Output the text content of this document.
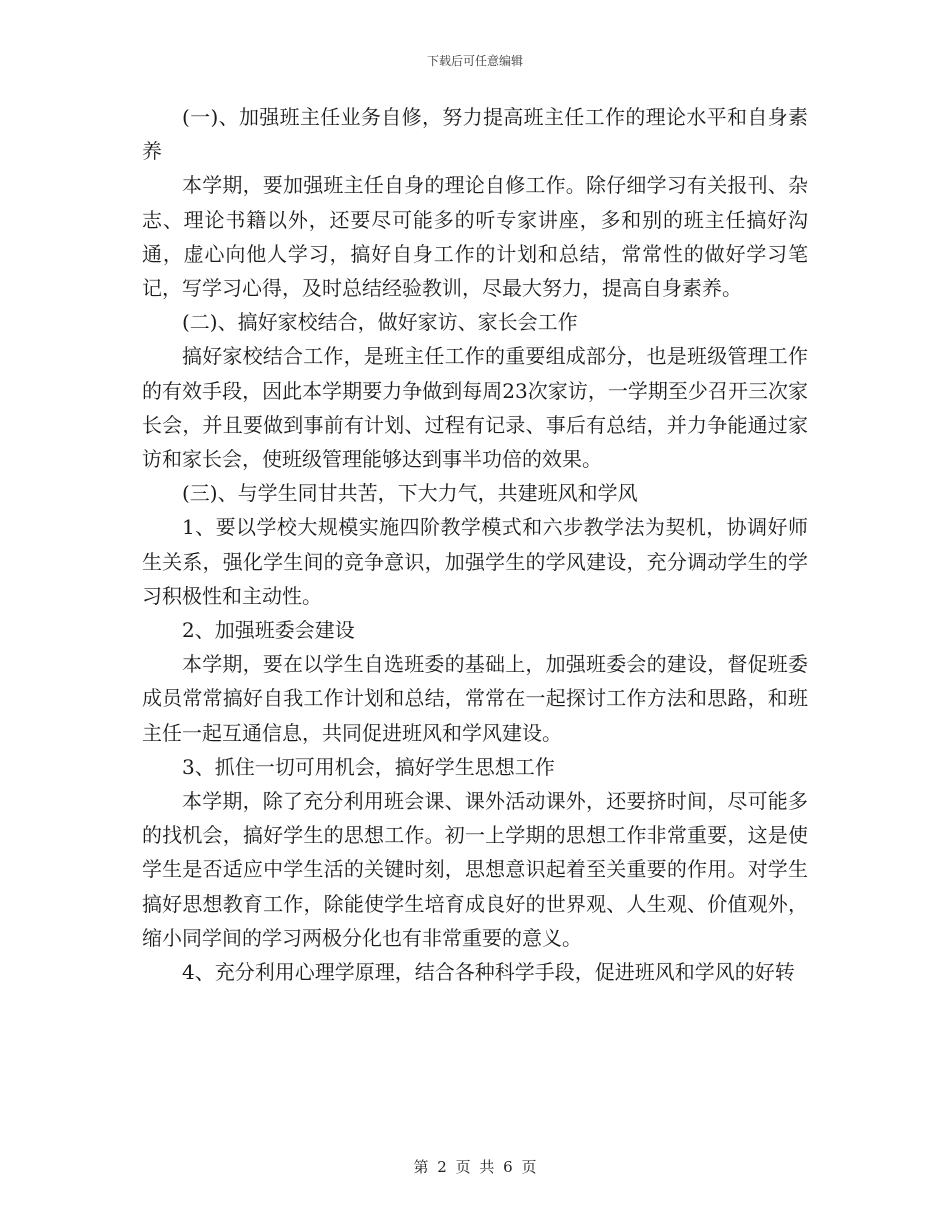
下载后可任意编辑

(一)、加强班主任业务自修，努力提高班主任工作的理论水平和自身素养

本学期，要加强班主任自身的理论自修工作。除仔细学习有关报刊、杂志、理论书籍以外，还要尽可能多的听专家讲座，多和别的班主任搞好沟通，虚心向他人学习，搞好自身工作的计划和总结，常常性的做好学习笔记，写学习心得，及时总结经验教训，尽最大努力，提高自身素养。

(二)、搞好家校结合，做好家访、家长会工作

搞好家校结合工作，是班主任工作的重要组成部分，也是班级管理工作的有效手段，因此本学期要力争做到每周23次家访，一学期至少召开三次家长会，并且要做到事前有计划、过程有记录、事后有总结，并力争能通过家访和家长会，使班级管理能够达到事半功倍的效果。

(三)、与学生同甘共苦，下大力气，共建班风和学风

1、要以学校大规模实施四阶教学模式和六步教学法为契机，协调好师生关系，强化学生间的竞争意识，加强学生的学风建设，充分调动学生的学习积极性和主动性。

2、加强班委会建设

本学期，要在以学生自选班委的基础上，加强班委会的建设，督促班委成员常常搞好自我工作计划和总结，常常在一起探讨工作方法和思路，和班主任一起互通信息，共同促进班风和学风建设。

3、抓住一切可用机会，搞好学生思想工作

本学期，除了充分利用班会课、课外活动课外，还要挤时间，尽可能多的找机会，搞好学生的思想工作。初一上学期的思想工作非常重要，这是使学生是否适应中学生活的关键时刻，思想意识起着至关重要的作用。对学生搞好思想教育工作，除能使学生培育成良好的世界观、人生观、价值观外，缩小同学间的学习两极分化也有非常重要的意义。

4、充分利用心理学原理，结合各种科学手段，促进班风和学风的好转

第 2 页 共 6 页
